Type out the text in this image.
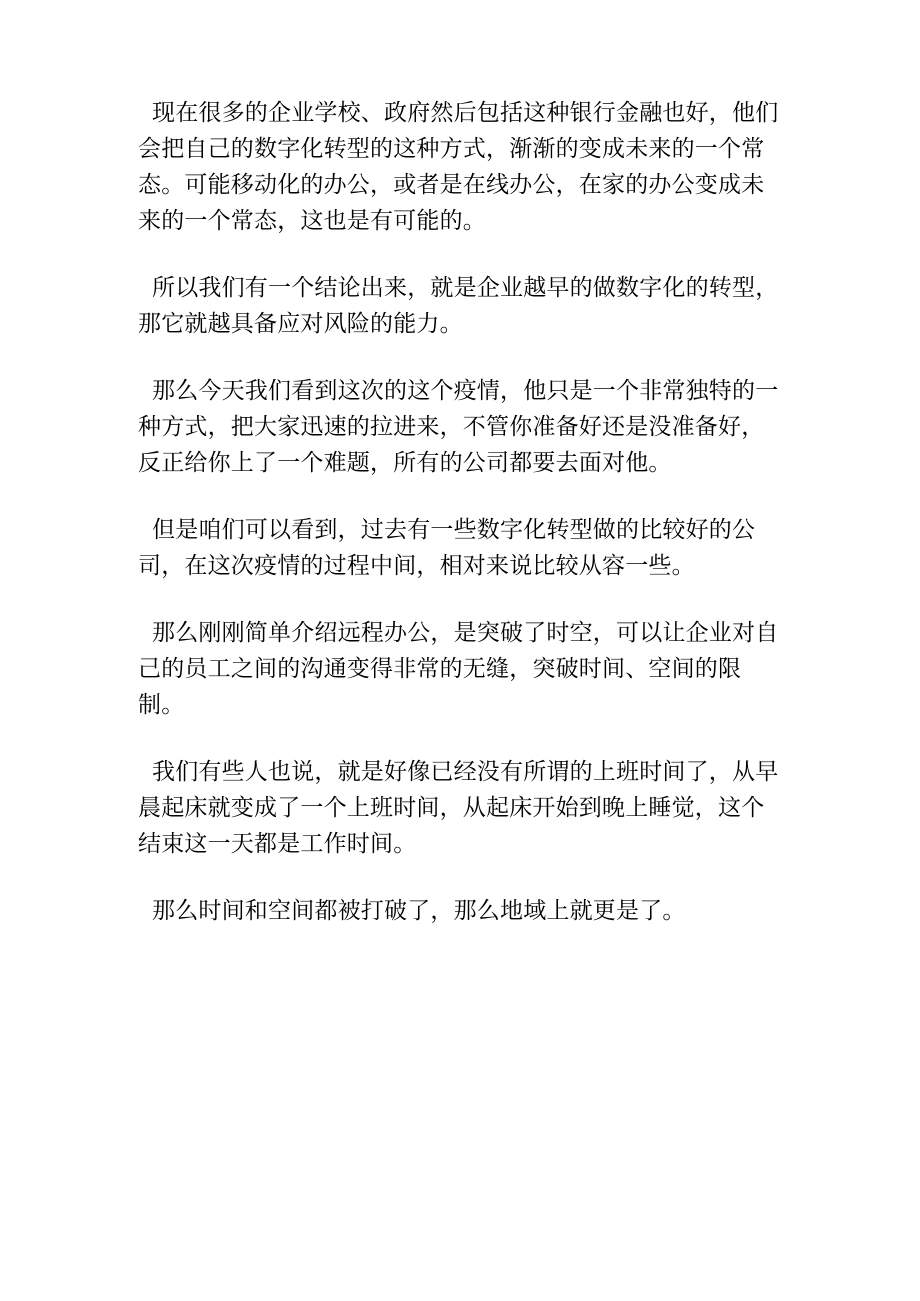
现在很多的企业学校、政府然后包括这种银行金融也好，他们
会把自己的数字化转型的这种方式，渐渐的变成未来的一个常
态。可能移动化的办公，或者是在线办公，在家的办公变成未
来的一个常态，这也是有可能的。

所以我们有一个结论出来，就是企业越早的做数字化的转型，
那它就越具备应对风险的能力。

那么今天我们看到这次的这个疫情，他只是一个非常独特的一
种方式，把大家迅速的拉进来，不管你准备好还是没准备好，
反正给你上了一个难题，所有的公司都要去面对他。

但是咱们可以看到，过去有一些数字化转型做的比较好的公
司，在这次疫情的过程中间，相对来说比较从容一些。

那么刚刚简单介绍远程办公，是突破了时空，可以让企业对自
己的员工之间的沟通变得非常的无缝，突破时间、空间的限
制。

我们有些人也说，就是好像已经没有所谓的上班时间了，从早
晨起床就变成了一个上班时间，从起床开始到晚上睡觉，这个
结束这一天都是工作时间。

那么时间和空间都被打破了，那么地域上就更是了。
